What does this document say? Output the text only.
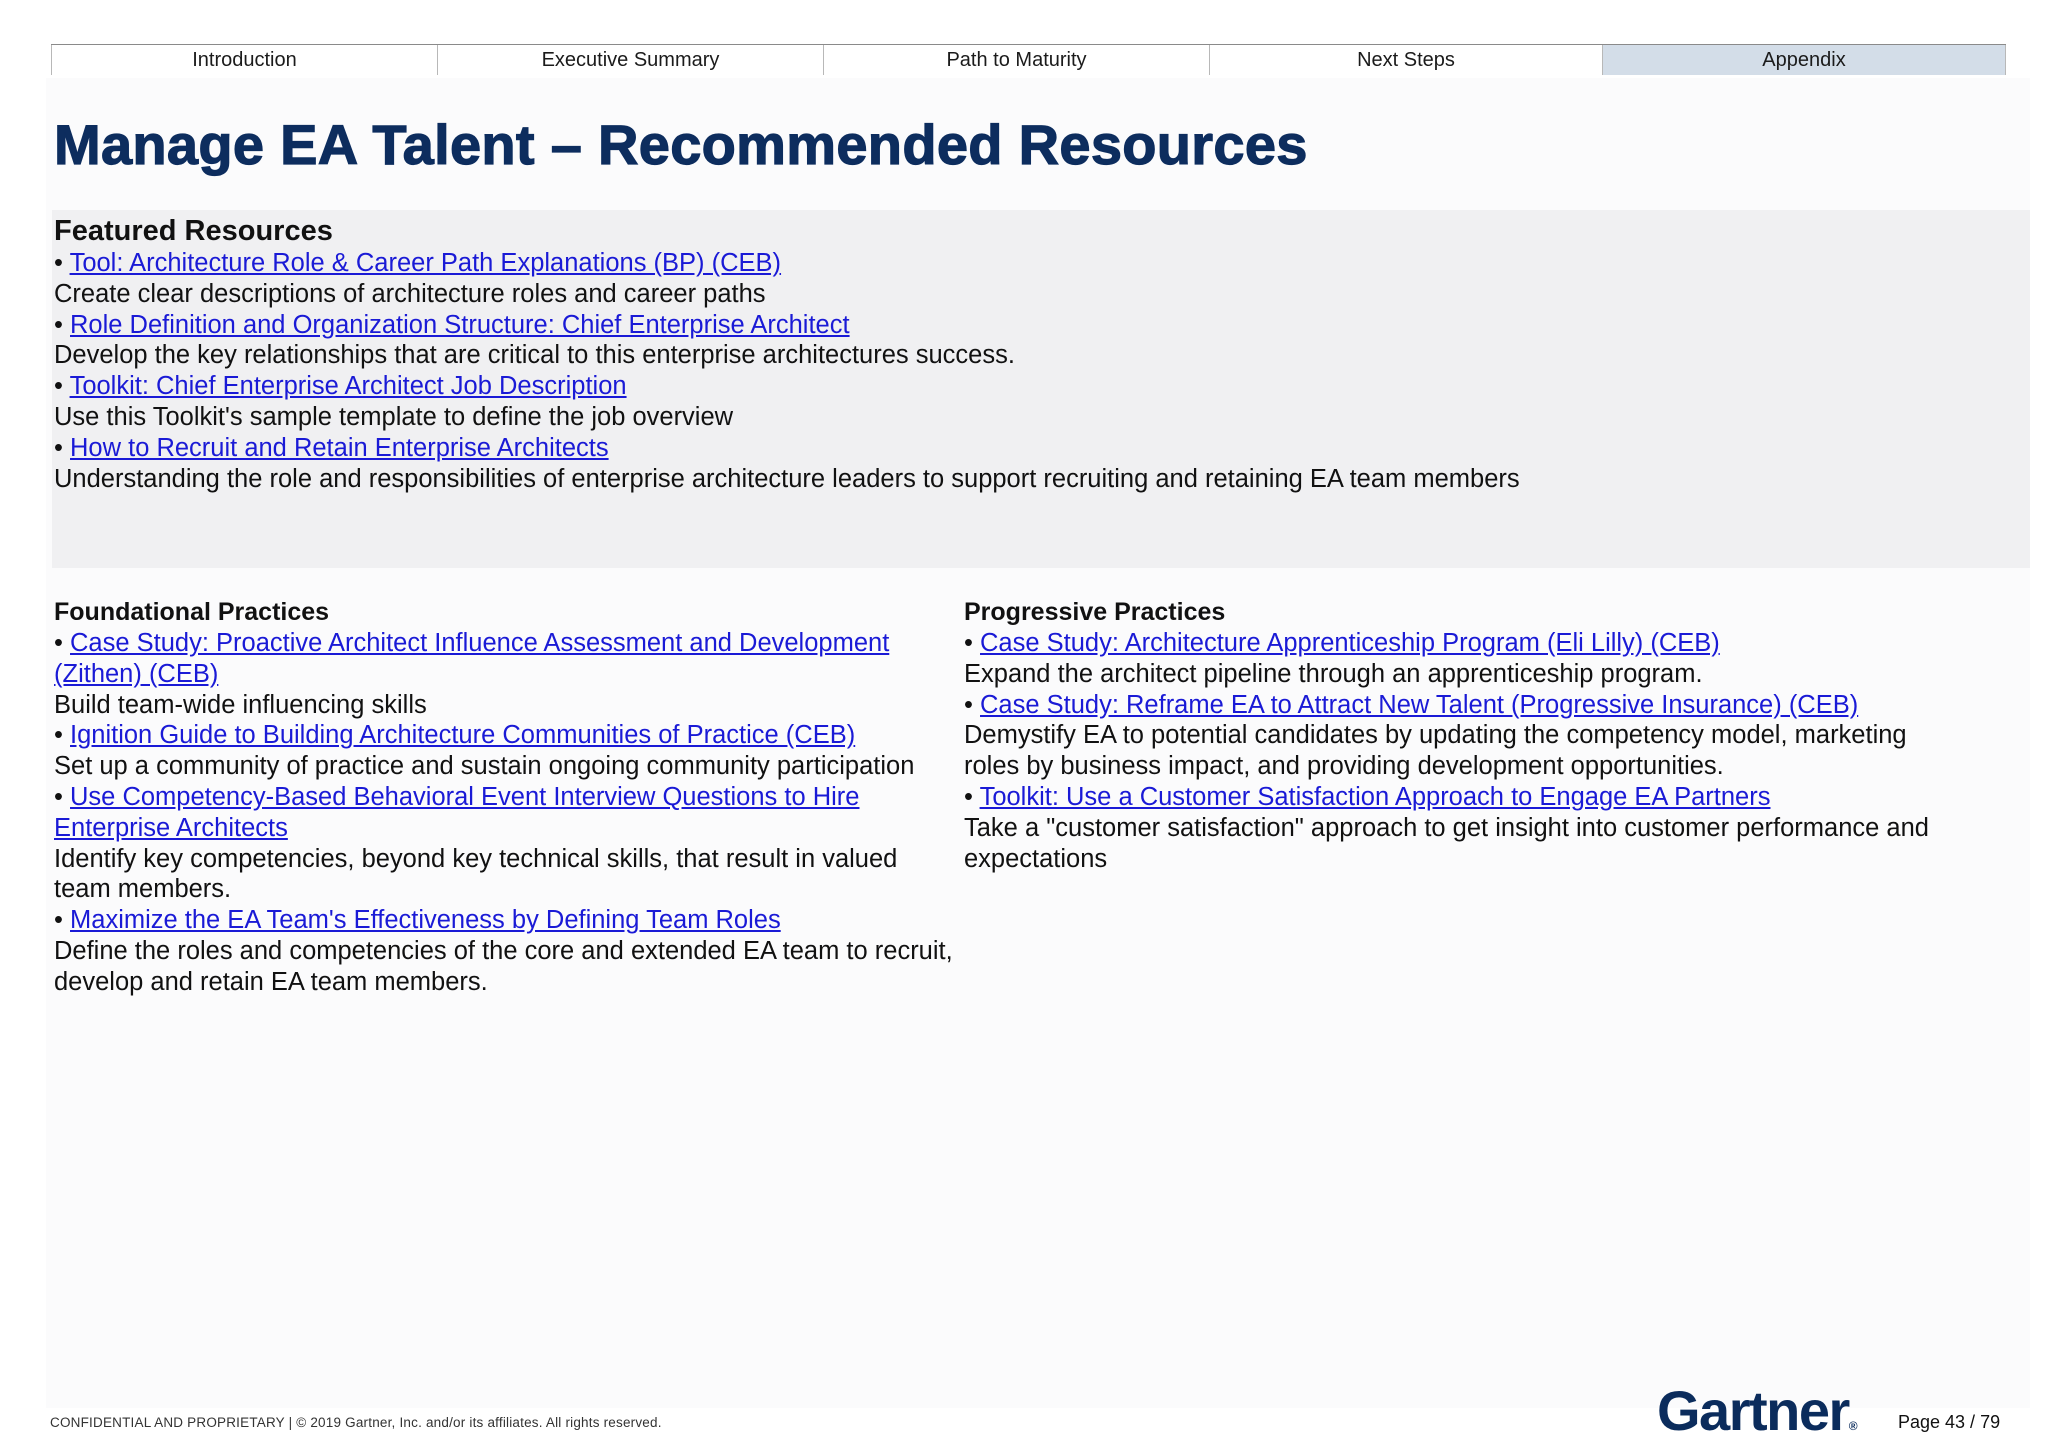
Introduction	Executive Summary	Path to Maturity	Next Steps	Appendix
Manage EA Talent – Recommended Resources
Featured Resources
• Tool: Architecture Role & Career Path Explanations (BP) (CEB)
Create clear descriptions of architecture roles and career paths
• Role Definition and Organization Structure: Chief Enterprise Architect
Develop the key relationships that are critical to this enterprise architectures success.
• Toolkit: Chief Enterprise Architect Job Description
Use this Toolkit's sample template to define the job overview
• How to Recruit and Retain Enterprise Architects
Understanding the role and responsibilities of enterprise architecture leaders to support recruiting and retaining EA team members
Foundational Practices
• Case Study: Proactive Architect Influence Assessment and Development (Zithen) (CEB)
Build team-wide influencing skills
• Ignition Guide to Building Architecture Communities of Practice (CEB)
Set up a community of practice and sustain ongoing community participation
• Use Competency-Based Behavioral Event Interview Questions to Hire Enterprise Architects
Identify key competencies, beyond key technical skills, that result in valued team members.
• Maximize the EA Team's Effectiveness by Defining Team Roles
Define the roles and competencies of the core and extended EA team to recruit, develop and retain EA team members.
Progressive Practices
• Case Study: Architecture Apprenticeship Program (Eli Lilly) (CEB)
Expand the architect pipeline through an apprenticeship program.
• Case Study: Reframe EA to Attract New Talent (Progressive Insurance) (CEB)
Demystify EA to potential candidates by updating the competency model, marketing roles by business impact, and providing development opportunities.
• Toolkit: Use a Customer Satisfaction Approach to Engage EA Partners
Take a "customer satisfaction" approach to get insight into customer performance and expectations
CONFIDENTIAL AND PROPRIETARY | © 2019 Gartner, Inc. and/or its affiliates. All rights reserved.	Gartner® Page 43 / 79
